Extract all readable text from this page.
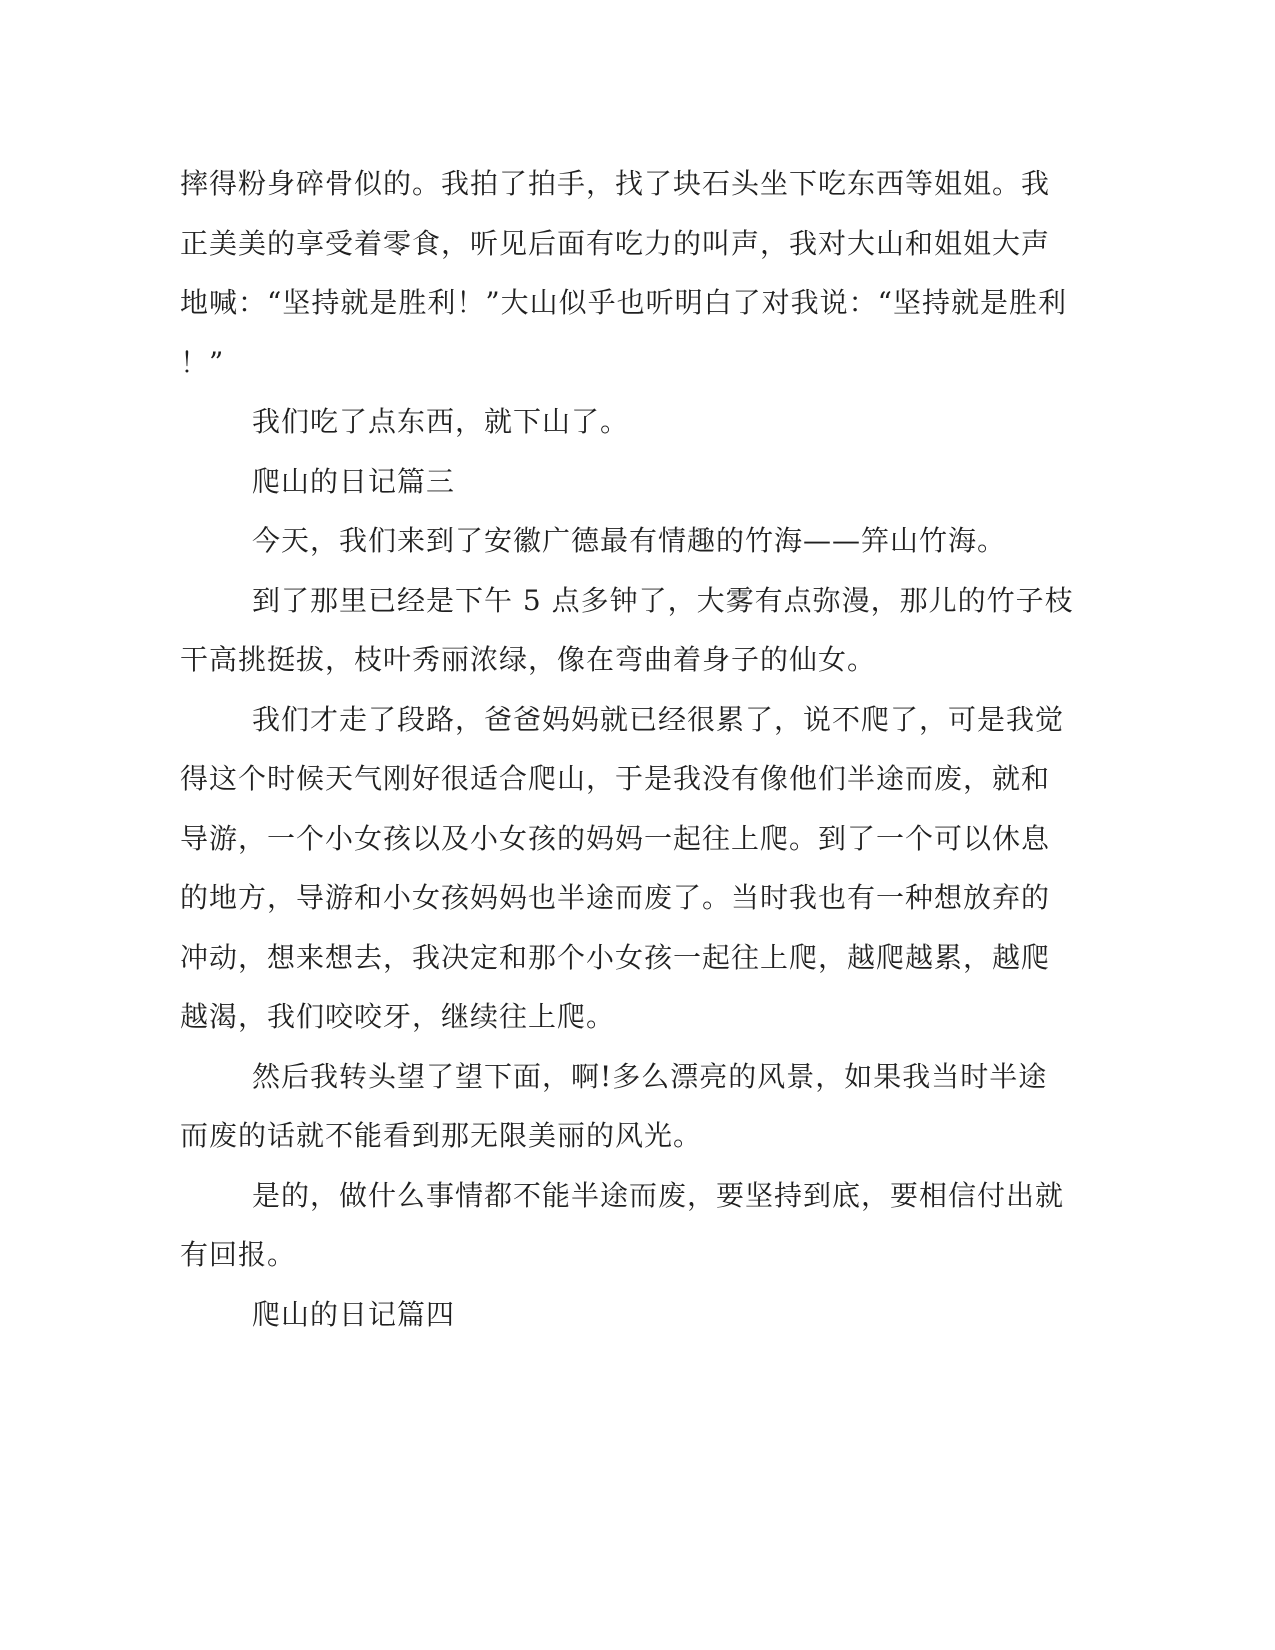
摔得粉身碎骨似的。我拍了拍手，找了块石头坐下吃东西等姐姐。我
正美美的享受着零食，听见后面有吃力的叫声，我对大山和姐姐大声
地喊：“坚持就是胜利！”大山似乎也听明白了对我说：“坚持就是胜利
！”
我们吃了点东西，就下山了。
爬山的日记篇三
今天，我们来到了安徽广德最有情趣的竹海——笄山竹海。
到了那里已经是下午 5 点多钟了，大雾有点弥漫，那儿的竹子枝
干高挑挺拔，枝叶秀丽浓绿，像在弯曲着身子的仙女。
我们才走了段路，爸爸妈妈就已经很累了，说不爬了，可是我觉
得这个时候天气刚好很适合爬山，于是我没有像他们半途而废，就和
导游，一个小女孩以及小女孩的妈妈一起往上爬。到了一个可以休息
的地方，导游和小女孩妈妈也半途而废了。当时我也有一种想放弃的
冲动，想来想去，我决定和那个小女孩一起往上爬，越爬越累，越爬
越渴，我们咬咬牙，继续往上爬。
然后我转头望了望下面，啊!多么漂亮的风景，如果我当时半途
而废的话就不能看到那无限美丽的风光。
是的，做什么事情都不能半途而废，要坚持到底，要相信付出就
有回报。
爬山的日记篇四
